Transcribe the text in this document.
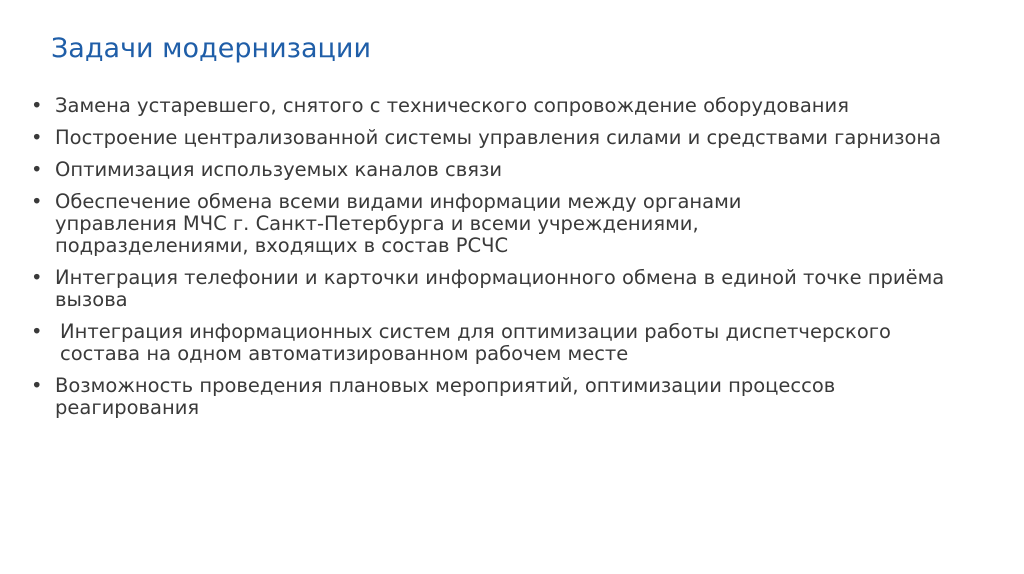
Задачи модернизации
• Замена устаревшего, снятого с технического сопровождение оборудования
• Построение централизованной системы управления силами и средствами гарнизона
• Оптимизация используемых каналов связи
• Обеспечение обмена всеми видами информации между органами управления МЧС г. Санкт-Петербурга и всеми учреждениями, подразделениями, входящих в состав РСЧС
• Интеграция телефонии и карточки информационного обмена в единой точке приёма вызова
• Интеграция информационных систем для оптимизации работы диспетчерского состава на одном автоматизированном рабочем месте
• Возможность проведения плановых мероприятий, оптимизации процессов реагирования
